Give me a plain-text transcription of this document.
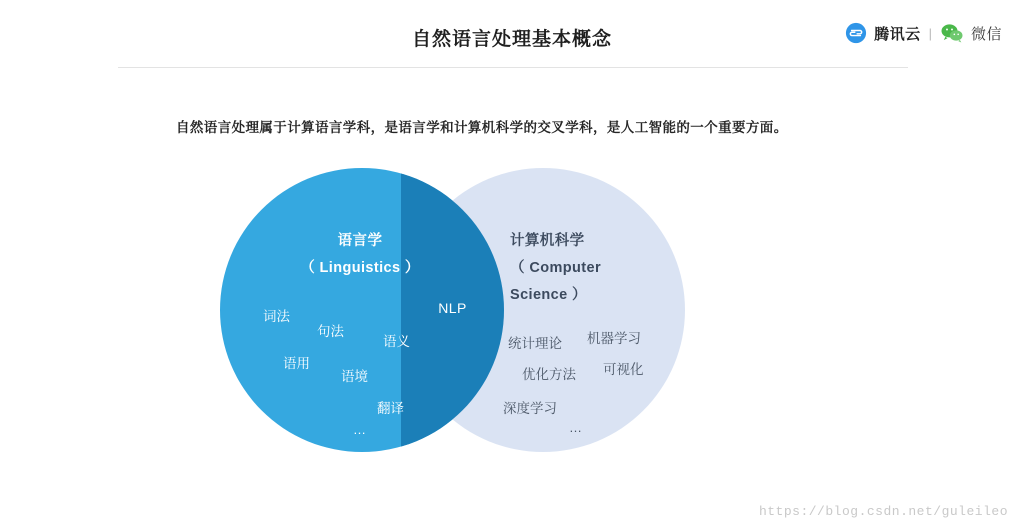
自然语言处理基本概念	腾讯云 |	微信
自然语言处理属于计算语言学科，是语言学和计算机科学的交叉学科，是人工智能的一个重要方面。
语言学
（ Linguistics ）
计算机科学
（ Computer
Science ）
NLP
词法
句法
语义
语用
语境
翻译
…
统计理论 机器学习
优化方法 可视化
深度学习
…
https://blog.csdn.net/guleileo
